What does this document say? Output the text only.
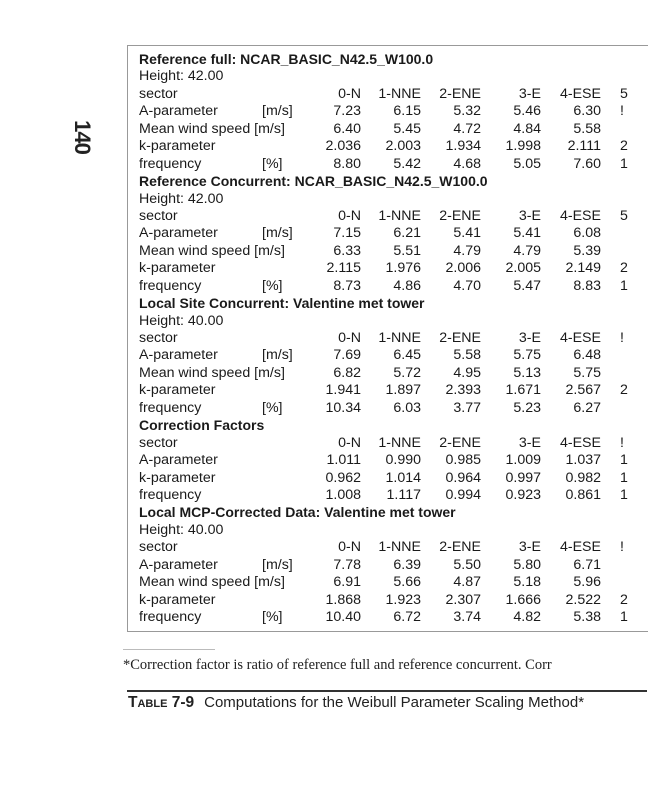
140
Reference full: NCAR_BASIC_N42.5_W100.0
Height: 42.00
sector	0-N 1-NNE 2-ENE	3-E 4-ESE 5
A-parameter	[m/s]	7.23 6.15 5.32 5.46 6.30 !
Mean wind speed [m/s]	6.40 5.45 4.72 4.84 5.58
k-parameter	2.036 2.003 1.934 1.998 2.111 2
frequency	[%]	8.80 5.42 4.68 5.05 7.60 1
Reference Concurrent: NCAR_BASIC_N42.5_W100.0
Height: 42.00
sector	0-N 1-NNE 2-ENE	3-E 4-ESE 5
A-parameter	[m/s]	7.15 6.21 5.41 5.41 6.08
Mean wind speed [m/s]	6.33 5.51 4.79 4.79 5.39
k-parameter	2.115 1.976 2.006 2.005 2.149 2
frequency	[%]	8.73 4.86 4.70 5.47 8.83 1
Local Site Concurrent: Valentine met tower
Height: 40.00
sector	0-N 1-NNE 2-ENE	3-E 4-ESE !
A-parameter	[m/s]	7.69 6.45 5.58 5.75 6.48
Mean wind speed [m/s]	6.82 5.72 4.95 5.13 5.75
k-parameter	1.941 1.897 2.393 1.671 2.567 2
frequency	[%]	10.34 6.03 3.77 5.23 6.27
Correction Factors
sector	0-N 1-NNE 2-ENE	3-E 4-ESE !
A-parameter	1.011 0.990 0.985 1.009 1.037 1
k-parameter	0.962 1.014 0.964 0.997 0.982 1
frequency	1.008 1.117 0.994 0.923 0.861 1
Local MCP-Corrected Data: Valentine met tower
Height: 40.00
sector	0-N 1-NNE 2-ENE	3-E 4-ESE !
A-parameter	[m/s]	7.78 6.39 5.50 5.80 6.71
Mean wind speed [m/s]	6.91 5.66 4.87 5.18 5.96
k-parameter	1.868 1.923 2.307 1.666 2.522 2
frequency	[%]	10.40 6.72 3.74 4.82 5.38 1
*Correction factor is ratio of reference full and reference concurrent. Corr
Table 7-9 Computations for the Weibull Parameter Scaling Method*
